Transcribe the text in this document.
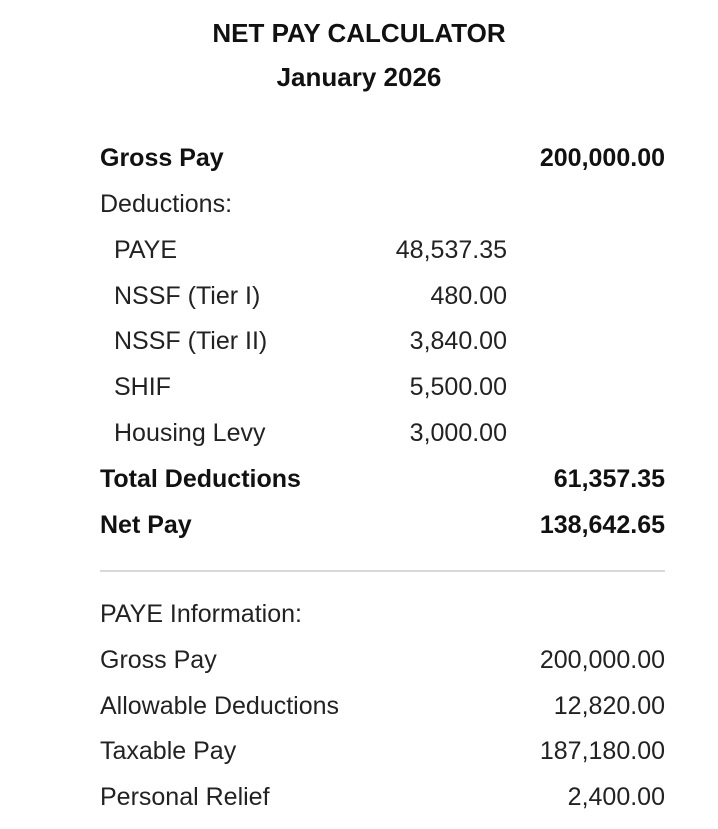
NET PAY CALCULATOR
January 2026
Gross Pay	200,000.00
Deductions:
PAYE	48,537.35
NSSF (Tier I)	480.00
NSSF (Tier II)	3,840.00
SHIF	5,500.00
Housing Levy	3,000.00
Total Deductions	61,357.35
Net Pay	138,642.65
PAYE Information:
Gross Pay	200,000.00
Allowable Deductions	12,820.00
Taxable Pay	187,180.00
Personal Relief	2,400.00
